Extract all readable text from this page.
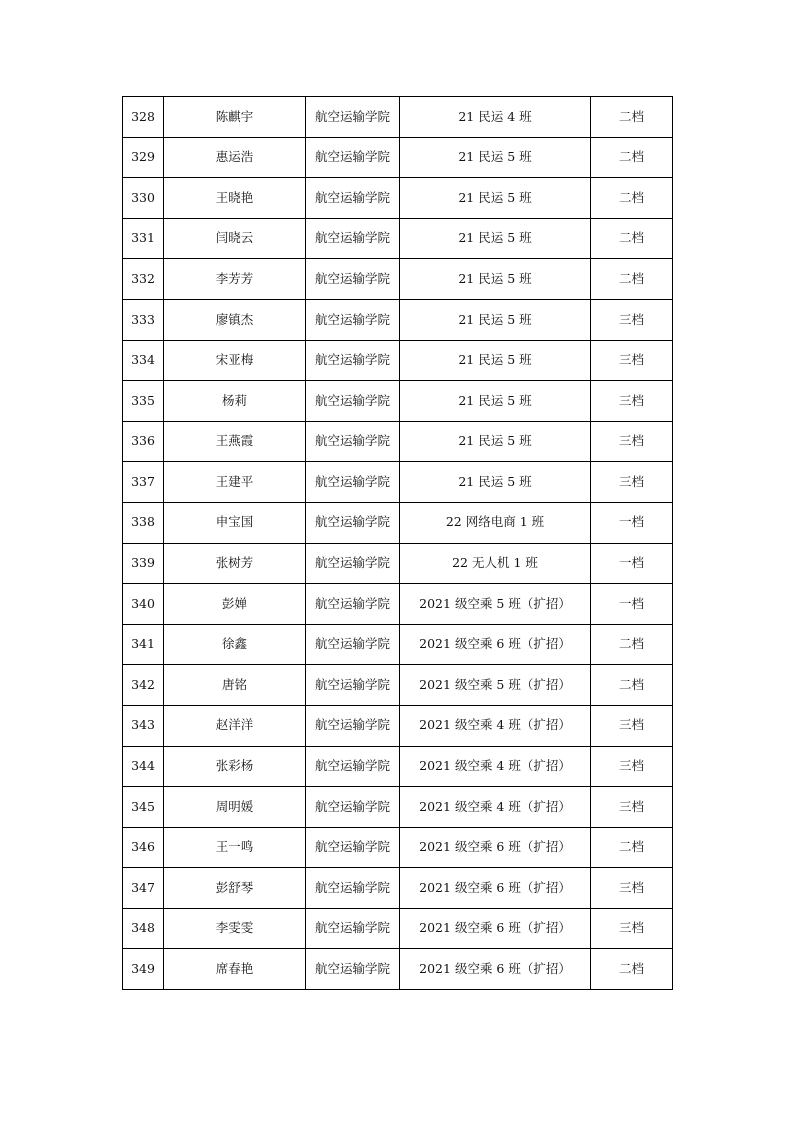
328	陈麒宇	航空运输学院	21 民运 4 班	二档
329	惠运浩	航空运输学院	21 民运 5 班	二档
330	王晓艳	航空运输学院	21 民运 5 班	二档
331	闫晓云	航空运输学院	21 民运 5 班	二档
332	李芳芳	航空运输学院	21 民运 5 班	二档
333	廖镇杰	航空运输学院	21 民运 5 班	三档
334	宋亚梅	航空运输学院	21 民运 5 班	三档
335	杨莉	航空运输学院	21 民运 5 班	三档
336	王燕霞	航空运输学院	21 民运 5 班	三档
337	王建平	航空运输学院	21 民运 5 班	三档
338	申宝国	航空运输学院	22 网络电商 1 班	一档
339	张树芳	航空运输学院	22 无人机 1 班	一档
340	彭婵	航空运输学院	2021 级空乘 5 班（扩招）	一档
341	徐鑫	航空运输学院	2021 级空乘 6 班（扩招）	二档
342	唐铭	航空运输学院	2021 级空乘 5 班（扩招）	二档
343	赵洋洋	航空运输学院	2021 级空乘 4 班（扩招）	三档
344	张彩杨	航空运输学院	2021 级空乘 4 班（扩招）	三档
345	周明媛	航空运输学院	2021 级空乘 4 班（扩招）	三档
346	王一鸣	航空运输学院	2021 级空乘 6 班（扩招）	二档
347	彭舒琴	航空运输学院	2021 级空乘 6 班（扩招）	三档
348	李雯雯	航空运输学院	2021 级空乘 6 班（扩招）	三档
349	席春艳	航空运输学院	2021 级空乘 6 班（扩招）	二档
